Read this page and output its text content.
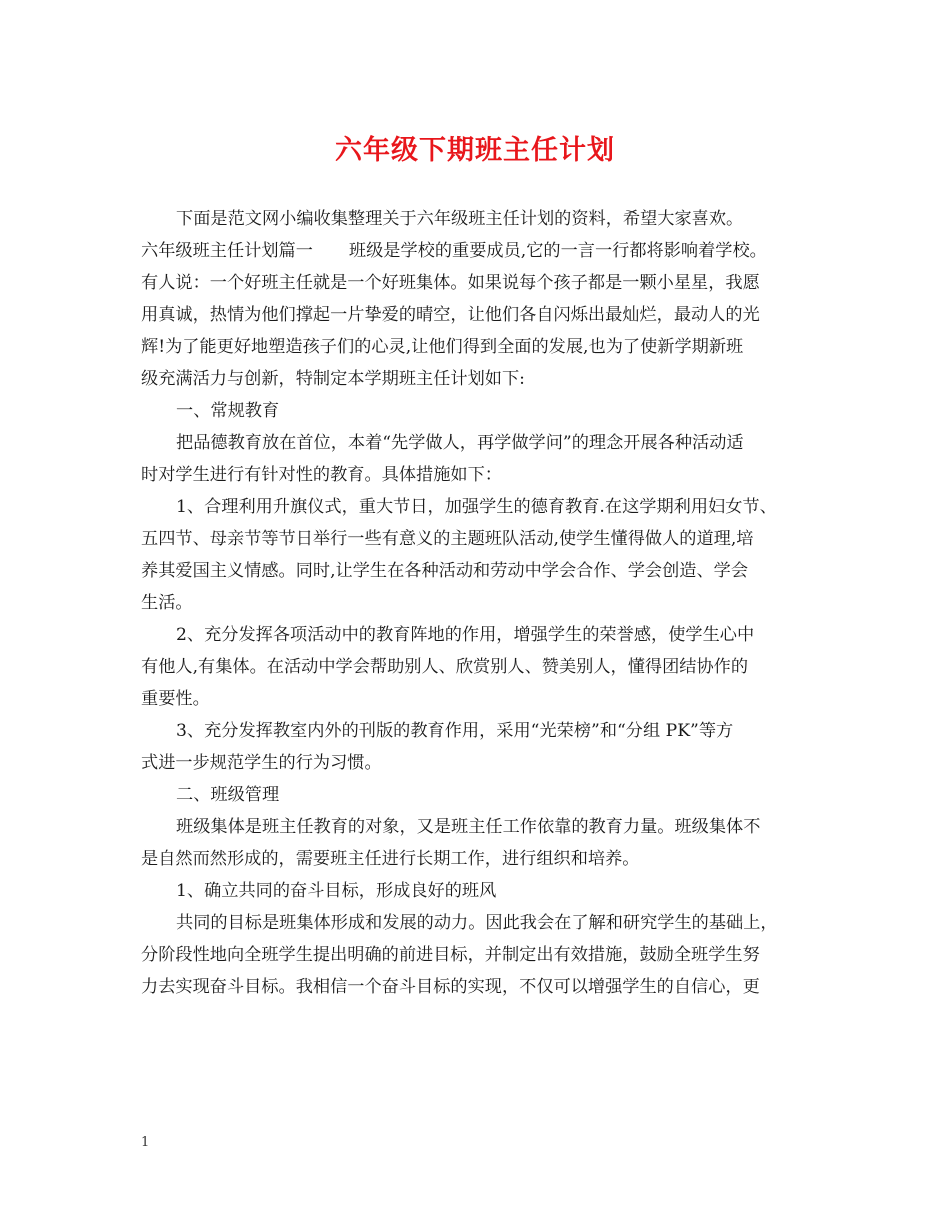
六年级下期班主任计划
下面是范文网小编收集整理关于六年级班主任计划的资料，希望大家喜欢。
六年级班主任计划篇一 班级是学校的重要成员,它的一言一行都将影响着学校。
有人说：一个好班主任就是一个好班集体。如果说每个孩子都是一颗小星星，我愿
用真诚，热情为他们撑起一片挚爱的晴空，让他们各自闪烁出最灿烂，最动人的光
辉!为了能更好地塑造孩子们的心灵,让他们得到全面的发展,也为了使新学期新班
级充满活力与创新，特制定本学期班主任计划如下:
一、常规教育
把品德教育放在首位，本着“先学做人，再学做学问”的理念开展各种活动适
时对学生进行有针对性的教育。具体措施如下：
1、合理利用升旗仪式，重大节日，加强学生的德育教育.在这学期利用妇女节、
五四节、母亲节等节日举行一些有意义的主题班队活动,使学生懂得做人的道理,培
养其爱国主义情感。同时,让学生在各种活动和劳动中学会合作、学会创造、学会
生活。
2、充分发挥各项活动中的教育阵地的作用，增强学生的荣誉感，使学生心中
有他人,有集体。在活动中学会帮助别人、欣赏别人、赞美别人，懂得团结协作的
重要性。
3、充分发挥教室内外的刊版的教育作用，采用“光荣榜”和“分组 PK”等方
式进一步规范学生的行为习惯。
二、班级管理
班级集体是班主任教育的对象，又是班主任工作依靠的教育力量。班级集体不
是自然而然形成的，需要班主任进行长期工作，进行组织和培养。
1、确立共同的奋斗目标，形成良好的班风
共同的目标是班集体形成和发展的动力。因此我会在了解和研究学生的基础上，
分阶段性地向全班学生提出明确的前进目标，并制定出有效措施，鼓励全班学生努
力去实现奋斗目标。我相信一个奋斗目标的实现，不仅可以增强学生的自信心，更
1
